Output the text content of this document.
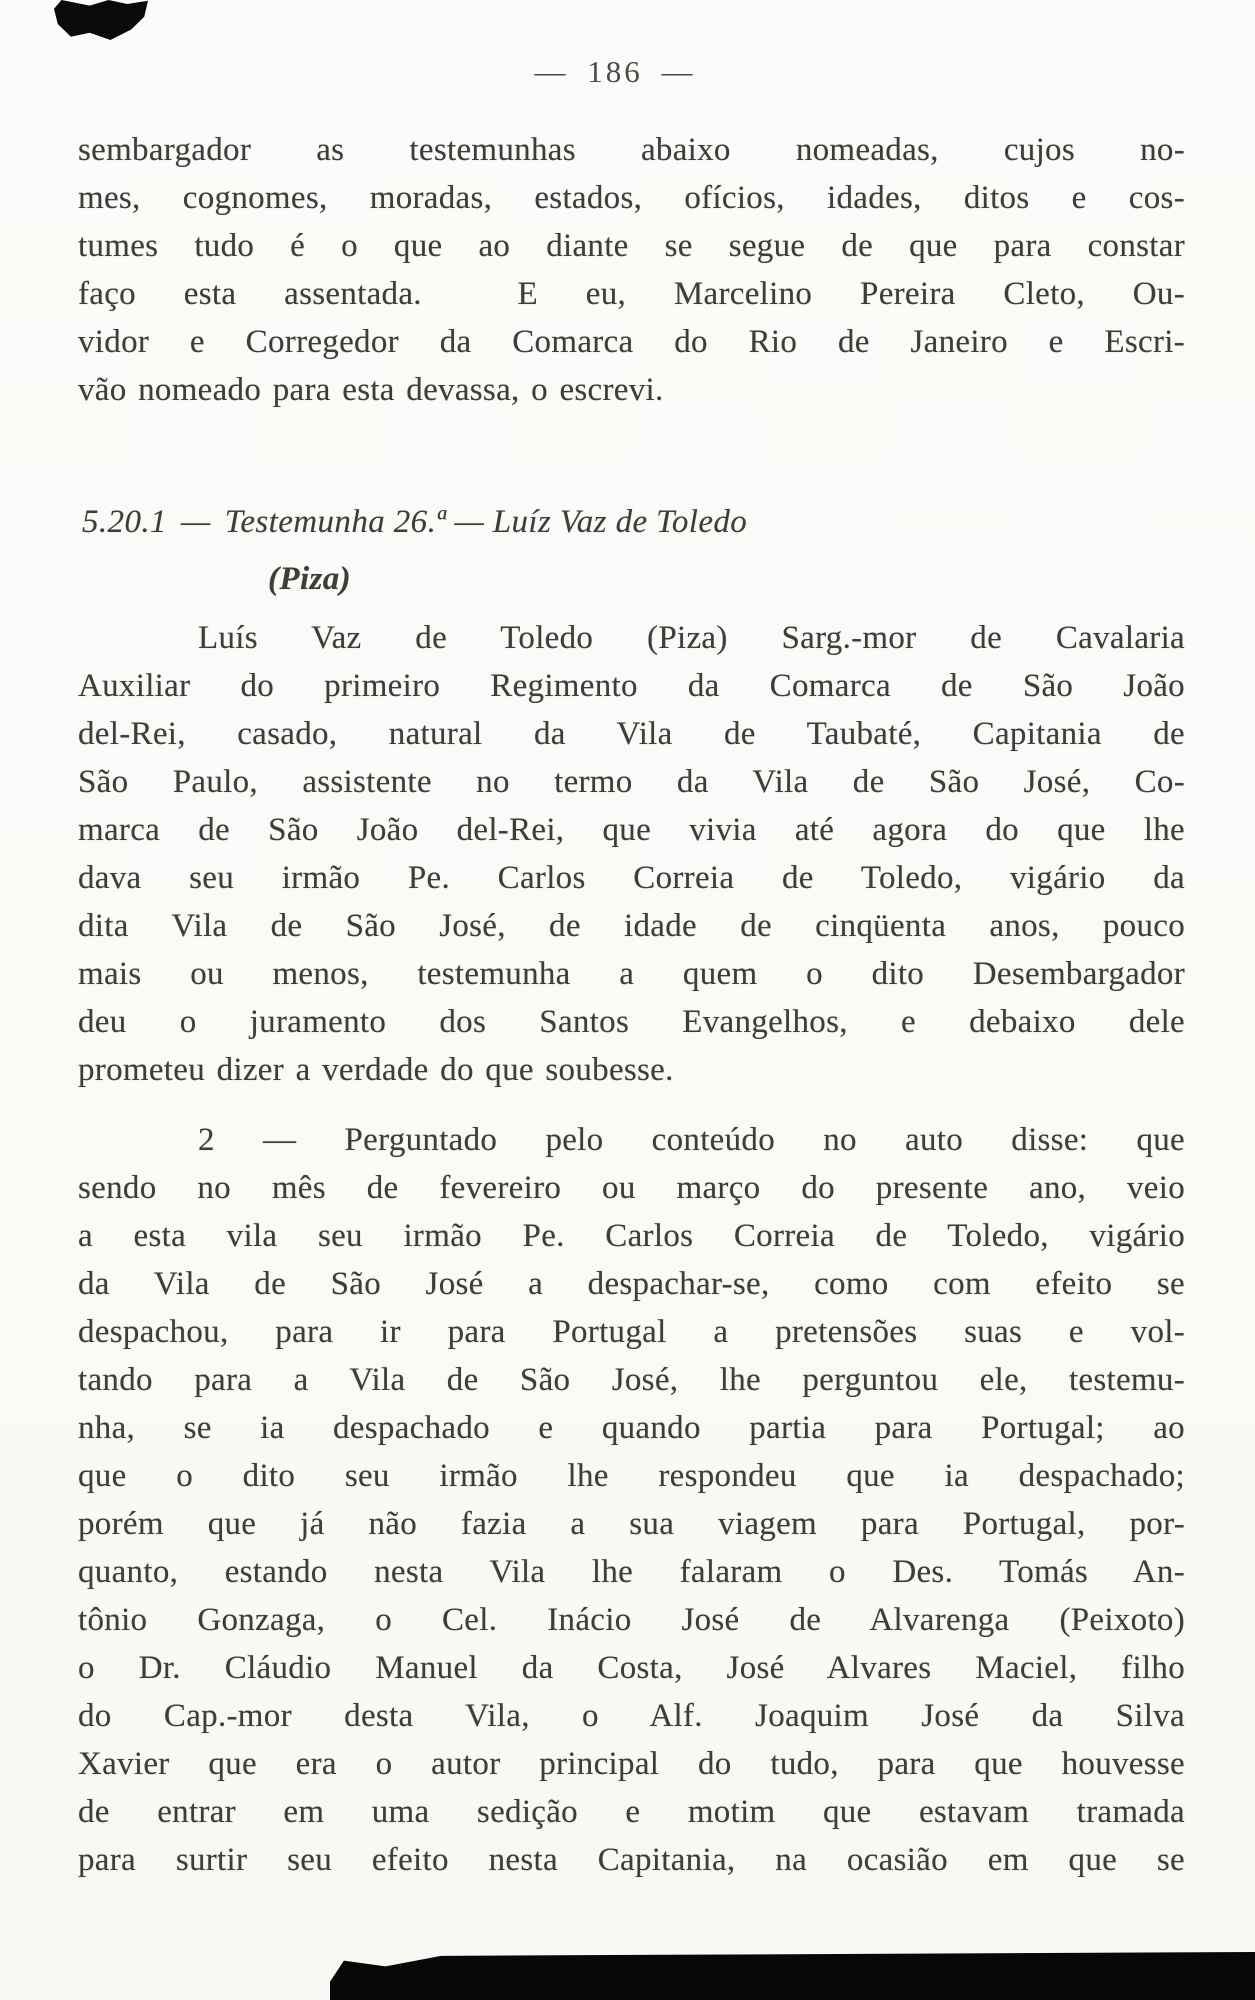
— 186 —
sembargador as testemunhas abaixo nomeadas, cujos no-
mes, cognomes, moradas, estados, ofícios, idades, ditos e cos-
tumes tudo é o que ao diante se segue de que para constar
faço esta assentada.  E eu, Marcelino Pereira Cleto, Ou-
vidor e Corregedor da Comarca do Rio de Janeiro e Escri-
vão nomeado para esta devassa, o escrevi.
5.20.1 — Testemunha 26.ª — Luíz Vaz de Toledo
(Piza)
Luís Vaz de Toledo (Piza) Sarg.-mor de Cavalaria
Auxiliar do primeiro Regimento da Comarca de São João
del-Rei, casado, natural da Vila de Taubaté, Capitania de
São Paulo, assistente no termo da Vila de São José, Co-
marca de São João del-Rei, que vivia até agora do que lhe
dava seu irmão Pe. Carlos Correia de Toledo, vigário da
dita Vila de São José, de idade de cinqüenta anos, pouco
mais ou menos, testemunha a quem o dito Desembargador
deu o juramento dos Santos Evangelhos, e debaixo dele
prometeu dizer a verdade do que soubesse.
2 — Perguntado pelo conteúdo no auto disse: que
sendo no mês de fevereiro ou março do presente ano, veio
a esta vila seu irmão Pe. Carlos Correia de Toledo, vigário
da Vila de São José a despachar-se, como com efeito se
despachou, para ir para Portugal a pretensões suas e vol-
tando para a Vila de São José, lhe perguntou ele, testemu-
nha, se ia despachado e quando partia para Portugal; ao
que o dito seu irmão lhe respondeu que ia despachado;
porém que já não fazia a sua viagem para Portugal, por-
quanto, estando nesta Vila lhe falaram o Des. Tomás An-
tônio Gonzaga, o Cel. Inácio José de Alvarenga (Peixoto)
o Dr. Cláudio Manuel da Costa, José Alvares Maciel, filho
do Cap.-mor desta Vila, o Alf. Joaquim José da Silva
Xavier que era o autor principal do tudo, para que houvesse
de entrar em uma sedição e motim que estavam tramada
para surtir seu efeito nesta Capitania, na ocasião em que se
